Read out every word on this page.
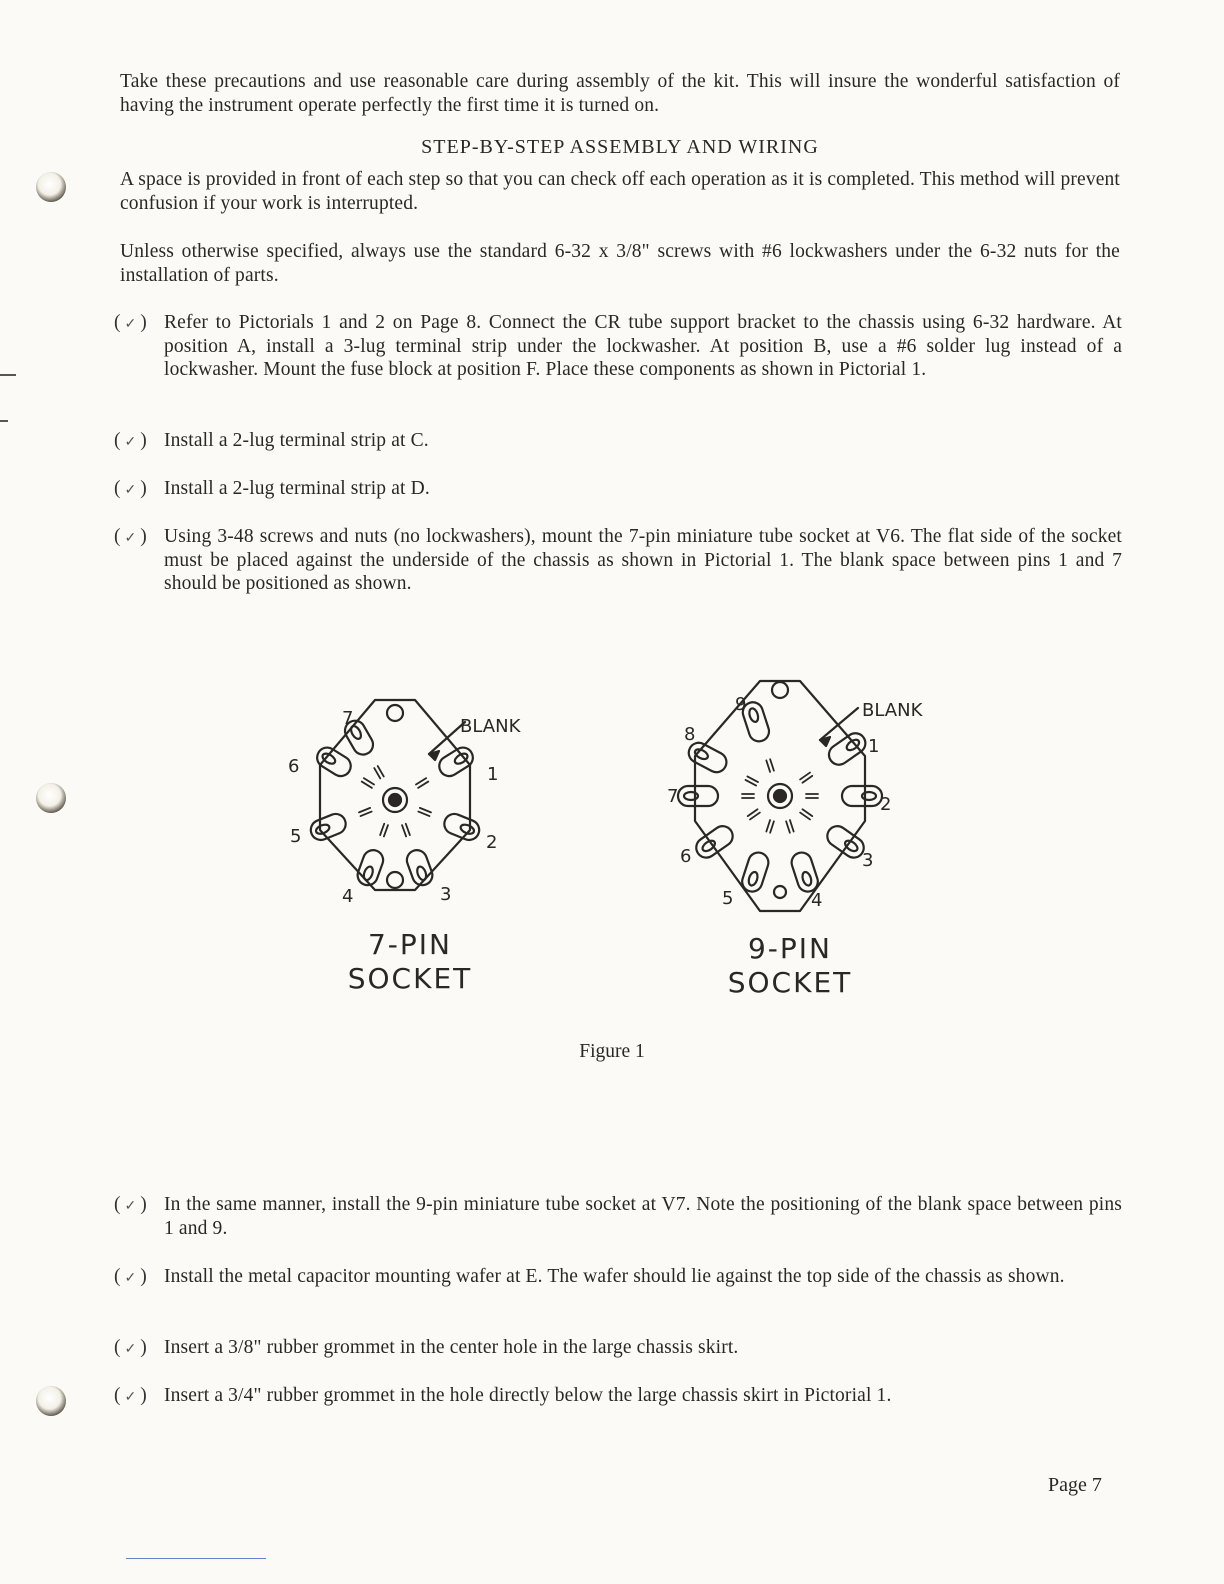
Take these precautions and use reasonable care during assembly of the kit. This will insure the wonderful satisfaction of having the instrument operate perfectly the first time it is turned on.

STEP-BY-STEP ASSEMBLY AND WIRING

A space is provided in front of each step so that you can check off each operation as it is completed. This method will prevent confusion if your work is interrupted.

Unless otherwise specified, always use the standard 6-32 x 3/8" screws with #6 lockwashers under the 6-32 nuts for the installation of parts.

( ✓ ) Refer to Pictorials 1 and 2 on Page 8. Connect the CR tube support bracket to the chassis using 6-32 hardware. At position A, install a 3-lug terminal strip under the lockwasher. At position B, use a #6 solder lug instead of a lockwasher. Mount the fuse block at position F. Place these components as shown in Pictorial 1.
( ✓ ) Install a 2-lug terminal strip at C.
( ✓ ) Install a 2-lug terminal strip at D.
( ✓ ) Using 3-48 screws and nuts (no lockwashers), mount the 7-pin miniature tube socket at V6. The flat side of the socket must be placed against the underside of the chassis as shown in Pictorial 1. The blank space between pins 1 and 7 should be positioned as shown.
BLANK
1
2
3
4
5
6
7	BLANK
1
2
3
4
5
6
7
8
9
7-PIN
SOCKET
9-PIN
SOCKET
Figure 1
( ✓ ) In the same manner, install the 9-pin miniature tube socket at V7. Note the positioning of the blank space between pins 1 and 9.
( ✓ ) Install the metal capacitor mounting wafer at E. The wafer should lie against the top side of the chassis as shown.
( ✓ ) Insert a 3/8" rubber grommet in the center hole in the large chassis skirt.
( ✓ ) Insert a 3/4" rubber grommet in the hole directly below the large chassis skirt in Pictorial 1.
Page 7
